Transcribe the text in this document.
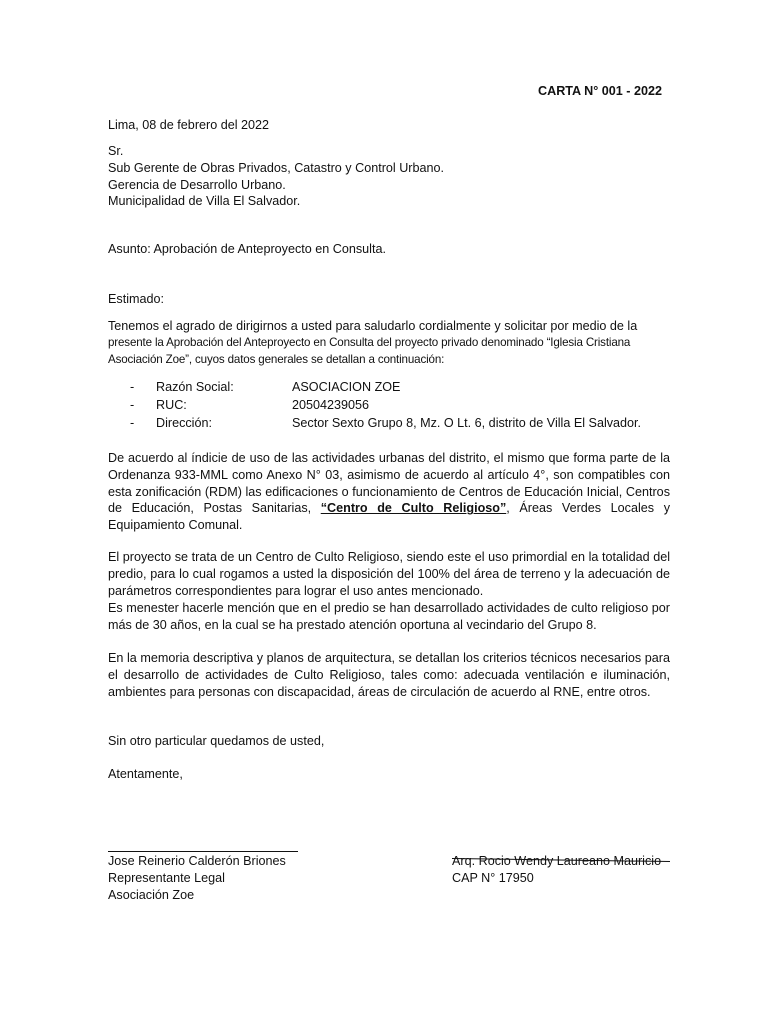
CARTA N° 001 - 2022
Lima, 08 de febrero del 2022
Sr.
Sub Gerente de Obras Privados, Catastro y Control Urbano.
Gerencia de Desarrollo Urbano.
Municipalidad de Villa El Salvador.
Asunto: Aprobación de Anteproyecto en Consulta.
Estimado:
Tenemos el agrado de dirigirnos a usted para saludarlo cordialmente y solicitar por medio de la
presente la Aprobación del Anteproyecto en Consulta del proyecto privado denominado “Iglesia Cristiana
Asociación Zoe”, cuyos datos generales se detallan a continuación:
- Razón Social:	ASOCIACION ZOE
- RUC:	20504239056
- Dirección:	Sector Sexto Grupo 8, Mz. O Lt. 6, distrito de Villa El Salvador.
De acuerdo al índicie de uso de las actividades urbanas del distrito, el mismo que forma parte de la Ordenanza 933-MML como Anexo N° 03, asimismo de acuerdo al artículo 4°, son compatibles con esta zonificación (RDM) las edificaciones o funcionamiento de Centros de Educación Inicial, Centros de Educación, Postas Sanitarias, “Centro de Culto Religioso”, Áreas Verdes Locales y Equipamiento Comunal.
El proyecto se trata de un Centro de Culto Religioso, siendo este el uso primordial en la totalidad del predio, para lo cual rogamos a usted la disposición del 100% del área de terreno y la adecuación de parámetros correspondientes para lograr el uso antes mencionado.
Es menester hacerle mención que en el predio se han desarrollado actividades de culto religioso por más de 30 años, en la cual se ha prestado atención oportuna al vecindario del Grupo 8.
En la memoria descriptiva y planos de arquitectura, se detallan los criterios técnicos necesarios para el desarrollo de actividades de Culto Religioso, tales como: adecuada ventilación e iluminación, ambientes para personas con discapacidad, áreas de circulación de acuerdo al RNE, entre otros.
Sin otro particular quedamos de usted,
Atentamente,
Jose Reinerio Calderón Briones
Representante Legal
Asociación Zoe
Arq. Rocio Wendy Laureano Mauricio
CAP N° 17950
